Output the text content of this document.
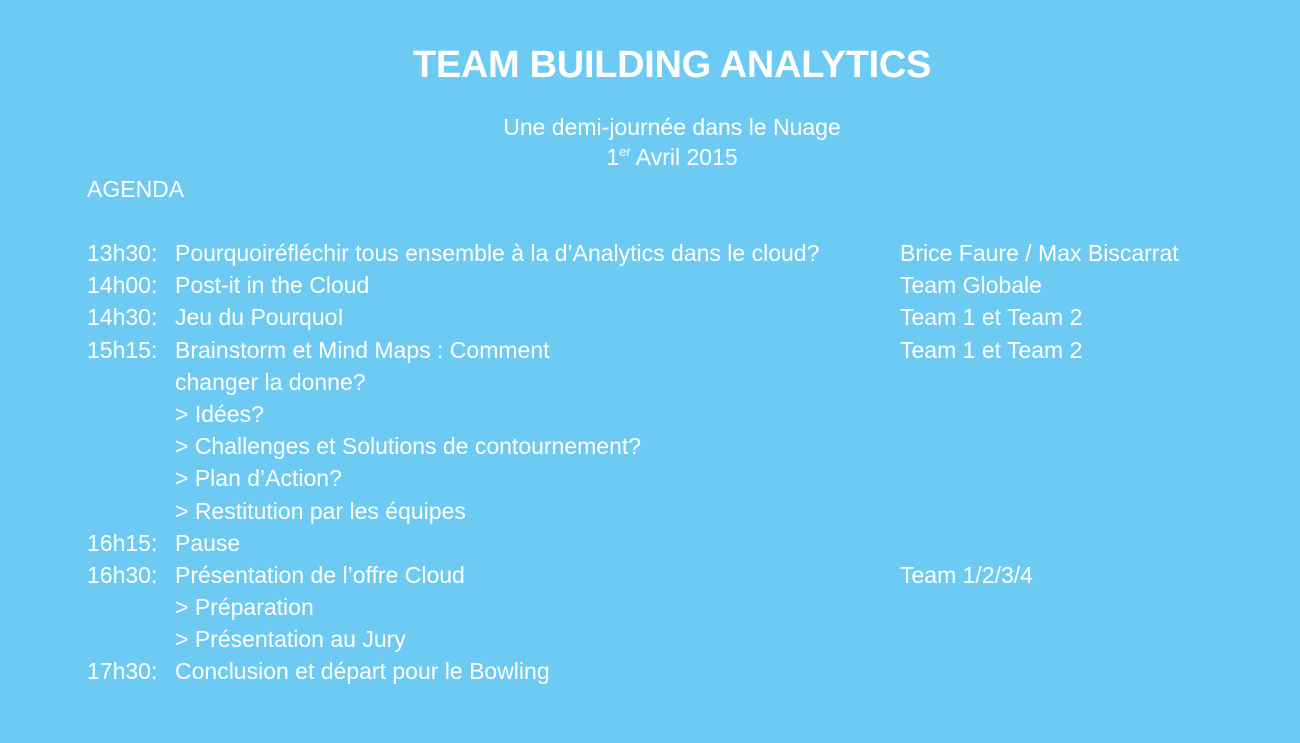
TEAM BUILDING ANALYTICS
Une demi-journée dans le Nuage
1er Avril 2015
AGENDA
13h30: Pourquoiréfléchir tous ensemble à la d’Analytics dans le cloud?	Brice Faure / Max Biscarrat
14h00: Post-it in the Cloud	Team Globale
14h30: Jeu du PourquoI	Team 1 et Team 2
15h15: Brainstorm et Mind Maps : Comment	Team 1 et Team 2
changer la donne?
> Idées?
> Challenges et Solutions de contournement?
> Plan d’Action?
> Restitution par les équipes
16h15: Pause
16h30: Présentation de l’offre Cloud	Team 1/2/3/4
> Préparation
> Présentation au Jury
17h30: Conclusion et départ pour le Bowling
